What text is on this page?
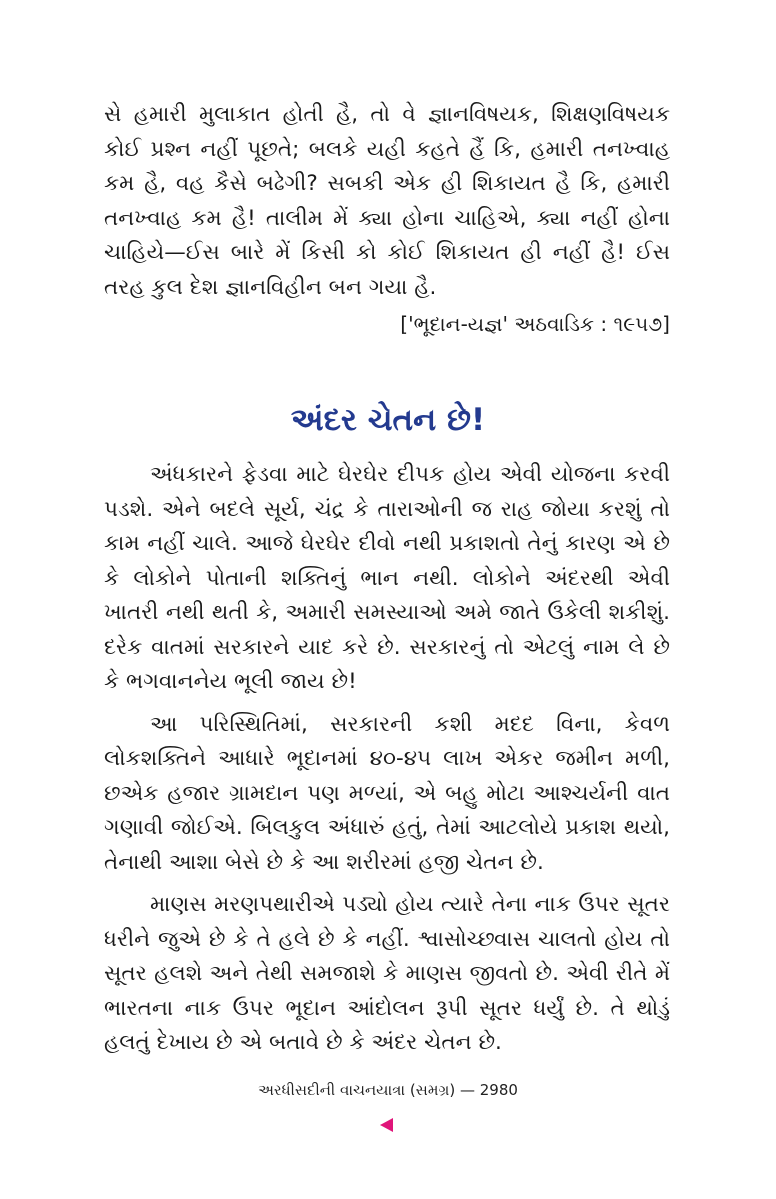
સે હમારી મુલાકાત હોતી હૈ, તો વે જ્ઞાનવિષયક, શિક્ષણવિષયક કોઈ પ્રશ્ન નહીં પૂછતે; બલકે યહી કહતે હૈં કિ, હમારી તનખ્વાહ કમ હૈ, વહ કૈસે બઢેગી? સબકી એક હી શિકાયત હૈ કિ, હમારી તનખ્વાહ કમ હૈ! તાલીમ મેં ક્યા હોના ચાહિએ, ક્યા નહીં હોના ચાહિયે—ઈસ બારે મેં કિસી કો કોઈ શિકાયત હી નહીં હૈ! ઈસ તરહ કુલ દેશ જ્ઞાનવિહીન બન ગયા હૈ.

['ભૂદાન-યજ્ઞ' અઠવાડિક : ૧૯૫૭]
અંદર ચેતન છે!

અંધકારને ફેડવા માટે ઘેરઘેર દીપક હોય એવી યોજના કરવી પડશે. એને બદલે સૂર્ય, ચંદ્ર કે તારાઓની જ રાહ જોયા કરશું તો કામ નહીં ચાલે. આજે ઘેરઘેર દીવો નથી પ્રકાશતો તેનું કારણ એ છે કે લોકોને પોતાની શક્તિનું ભાન નથી. લોકોને અંદરથી એવી ખાતરી નથી થતી કે, અમારી સમસ્યાઓ અમે જાતે ઉકેલી શકીશું. દરેક વાતમાં સરકારને યાદ કરે છે. સરકારનું તો એટલું નામ લે છે કે ભગવાનનેય ભૂલી જાય છે!

આ પરિસ્થિતિમાં, સરકારની કશી મદદ વિના, કેવળ લોકશક્તિને આધારે ભૂદાનમાં ૪૦-૪૫ લાખ એકર જમીન મળી, છએક હજાર ગ્રામદાન પણ મળ્યાં, એ બહુ મોટા આશ્ચર્યની વાત ગણાવી જોઈએ. બિલકુલ અંધારું હતું, તેમાં આટલોયે પ્રકાશ થયો, તેનાથી આશા બેસે છે કે આ શરીરમાં હજી ચેતન છે.

માણસ મરણપથારીએ પડ્યો હોય ત્યારે તેના નાક ઉપર સૂતર ધરીને જુએ છે કે તે હલે છે કે નહીં. શ્વાસોચ્છ્વાસ ચાલતો હોય તો સૂતર હલશે અને તેથી સમજાશે કે માણસ જીવતો છે. એવી રીતે મેં ભારતના નાક ઉપર ભૂદાન આંદોલન રૂપી સૂતર ધર્યું છે. તે થોડું હલતું દેખાય છે એ બતાવે છે કે અંદર ચેતન છે.

અરધીસદીની વાચનયાત્રા (સમગ્ર) — 2980
